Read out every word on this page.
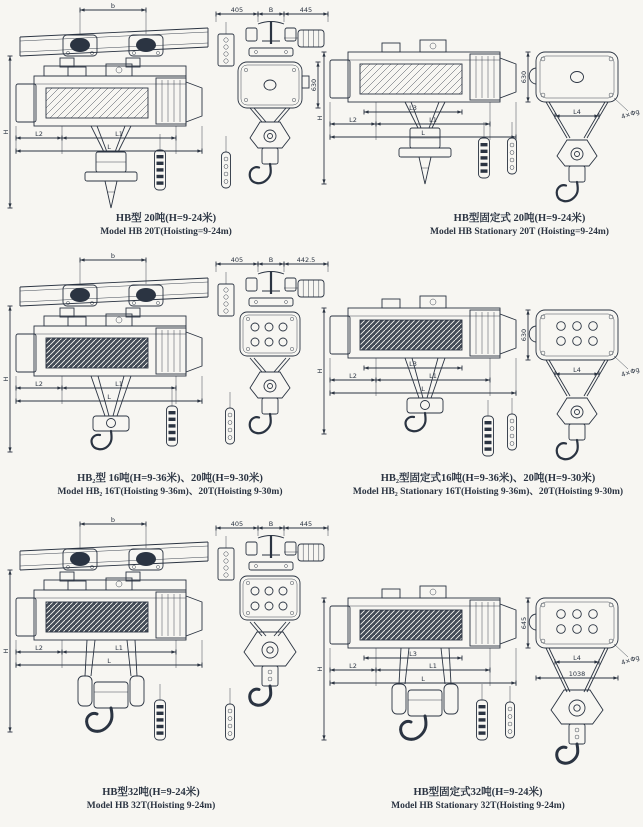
b
H	L2	L1
L
405	B	445
630
H
L3
L2	L1
L
630
L4	4×Φg
b
H
L2	L1
L
405	B	442.5
H
L3
L2	L1
L
630
L4	4×Φg
b
H	L2	L1
L
405	B	445
H
L3
L2	L1
L
645
L4
1038
4×Φg
HB型 20吨(H=9-24米)
Model HB 20T(Hoisting=9-24m)
HB型固定式 20吨(H=9-24米)
Model HB Stationary 20T (Hoisting=9-24m)
HB₂型 16吨(H=9-36米)、20吨(H=9-30米)
Model HB₂ 16T(Hoisting 9-36m)、20T(Hoisting 9-30m)
HB₂型固定式16吨(H=9-36米)、20吨(H=9-30米)
Model HB₂ Stationary 16T(Hoisting 9-36m)、20T(Hoisting 9-30m)
HB型32吨(H=9-24米)
Model HB 32T(Hoisting 9-24m)
HB型固定式32吨(H=9-24米)
Model HB Stationary 32T(Hoisting 9-24m)
